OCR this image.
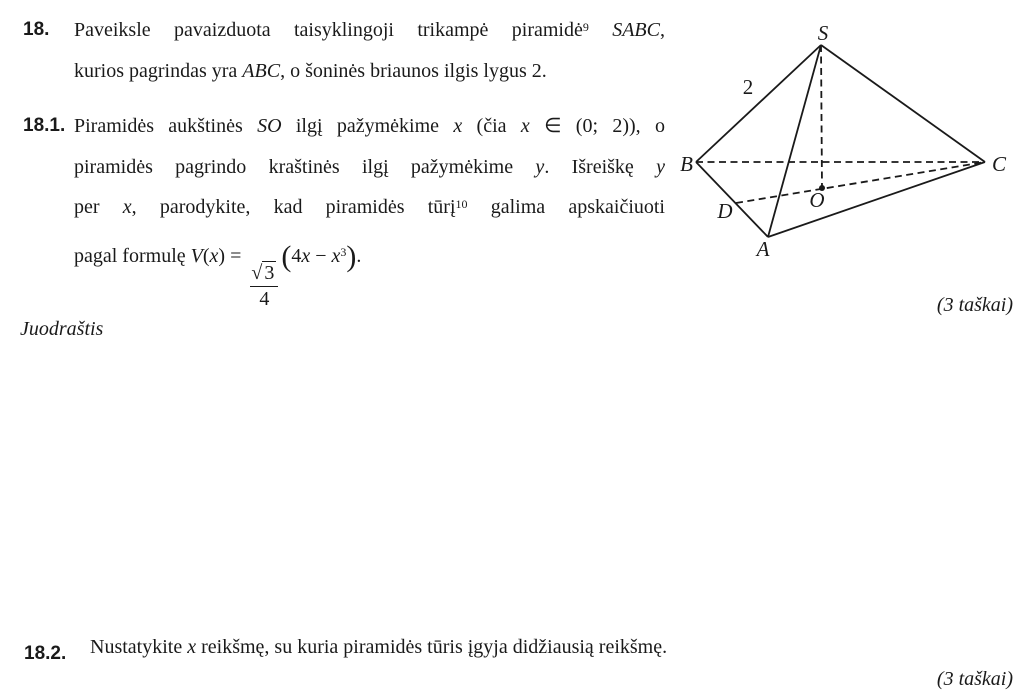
18.	Paveiksle pavaizduota taisyklingoji trikampė piramidė$^9$ SABC,
kurios pagrindas yra ABC, o šoninės briaunos ilgis lygus 2.
18.1. Piramidės aukštinės SO ilgį pažymėkime x (čia x ∈ (0; 2)), o
piramidės pagrindo kraštinės ilgį pažymėkime y. Išreiškę y
per x, parodykite, kad piramidės tūrį$^{10}$ galima apskaičiuoti
pagal formulę V(x) =
$\frac{√ 3}{4}$
$(4x - x^3)$.
S
B	C
A
D	O
2
(3 taškai)
Juodraštis
18.2.	Nustatykite x reikšmę, su kuria piramidės tūris įgyja didžiausią reikšmę.
(3 taškai)
